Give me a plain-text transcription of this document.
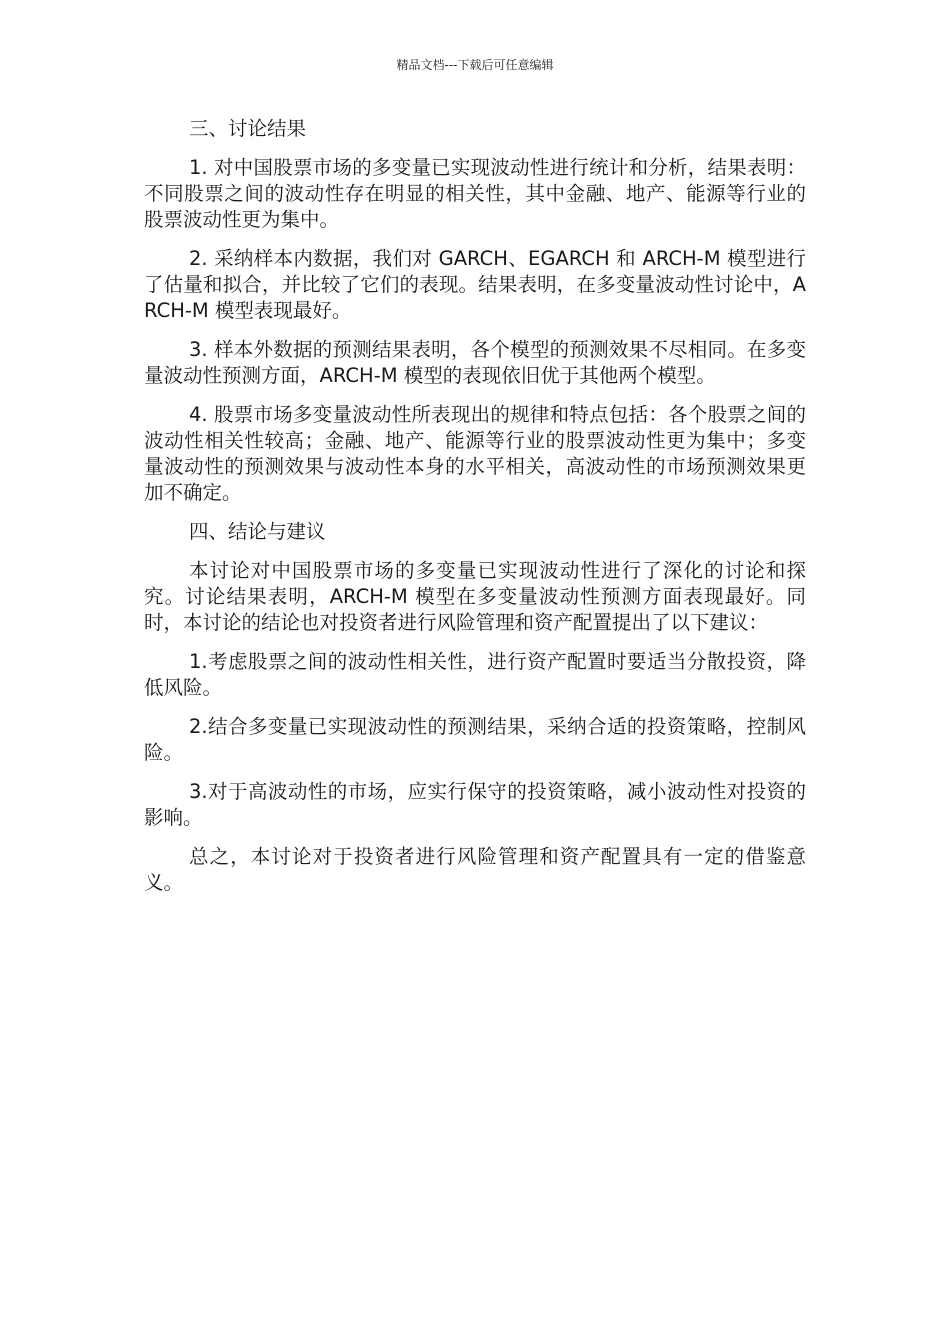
精品文档---下载后可任意编辑

三、讨论结果

1. 对中国股票市场的多变量已实现波动性进行统计和分析，结果表明：不同股票之间的波动性存在明显的相关性，其中金融、地产、能源等行业的股票波动性更为集中。

2. 采纳样本内数据，我们对 GARCH、EGARCH 和 ARCH-M 模型进行了估量和拟合，并比较了它们的表现。结果表明，在多变量波动性讨论中，ARCH-M 模型表现最好。

3. 样本外数据的预测结果表明，各个模型的预测效果不尽相同。在多变量波动性预测方面，ARCH-M 模型的表现依旧优于其他两个模型。

4. 股票市场多变量波动性所表现出的规律和特点包括：各个股票之间的波动性相关性较高；金融、地产、能源等行业的股票波动性更为集中；多变量波动性的预测效果与波动性本身的水平相关，高波动性的市场预测效果更加不确定。

四、结论与建议

本讨论对中国股票市场的多变量已实现波动性进行了深化的讨论和探究。讨论结果表明，ARCH-M 模型在多变量波动性预测方面表现最好。同时，本讨论的结论也对投资者进行风险管理和资产配置提出了以下建议：

1.考虑股票之间的波动性相关性，进行资产配置时要适当分散投资，降低风险。

2.结合多变量已实现波动性的预测结果，采纳合适的投资策略，控制风险。

3.对于高波动性的市场，应实行保守的投资策略，减小波动性对投资的影响。

总之，本讨论对于投资者进行风险管理和资产配置具有一定的借鉴意义。
